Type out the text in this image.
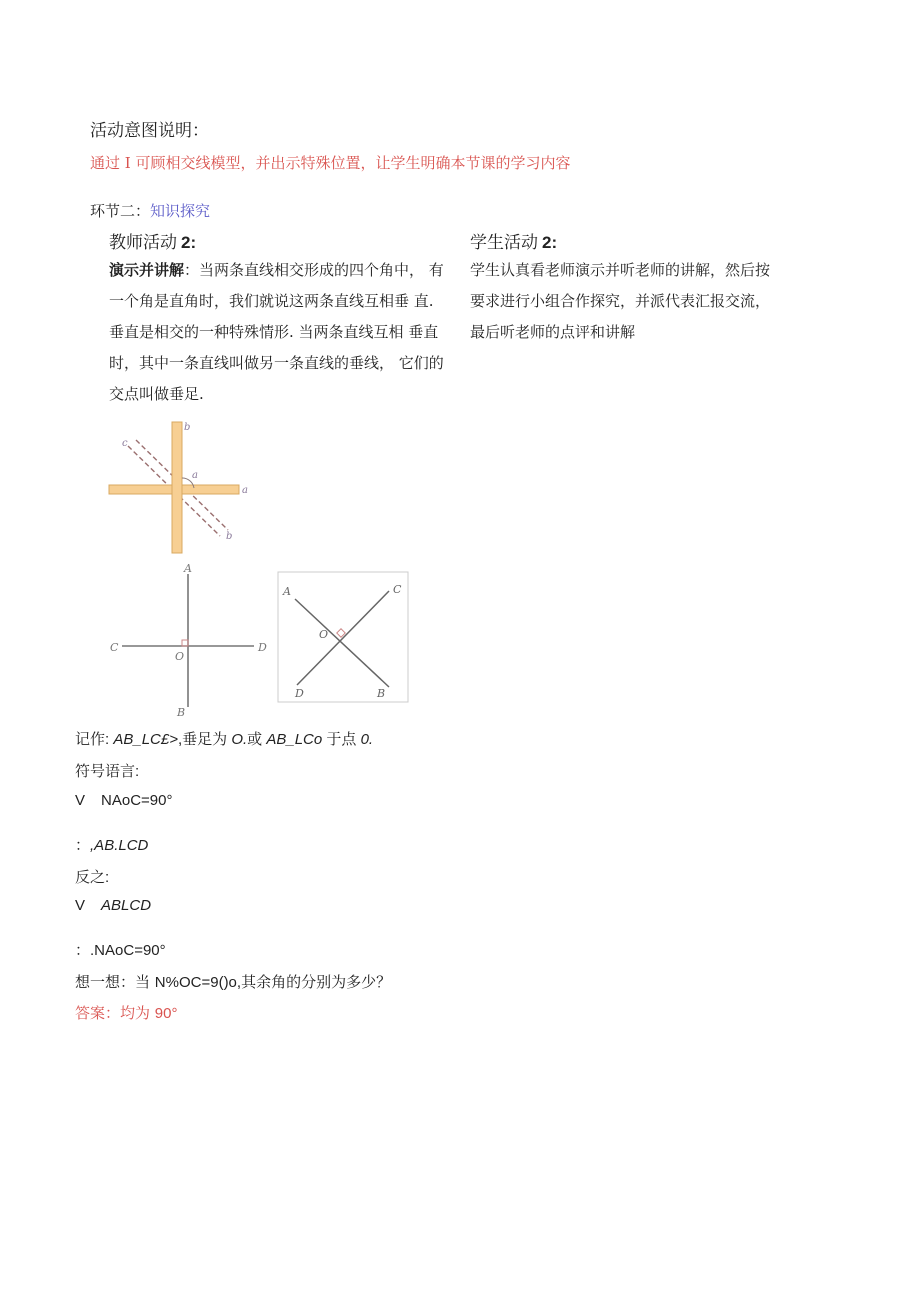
活动意图说明：
通过 I 可顾相交线模型，并出示特殊位置，让学生明确本节课的学习内容
环节二：知识探究
教师活动 2:
演示并讲解：当两条直线相交形成的四个角中， 有
一个角是直角时，我们就说这两条直线互相垂 直.
垂直是相交的一种特殊情形. 当两条直线互相 垂直
时，其中一条直线叫做另一条直线的垂线， 它们的
交点叫做垂足.
学生活动 2:
学生认真看老师演示并听老师的讲解，然后按
要求进行小组合作探究，并派代表汇报交流，
最后听老师的点评和讲解
b
a
a
c
b
A
B
C	D
O
A	C
O
D	B
记作: AB_LC£>,垂足为 O.或 AB_LCo 于点 0.
符号语言:
V NAoC=90°
：,AB.LCD
反之:
V ABLCD
：.NAoC=90°
想一想：当 N%OC=9()o,其余角的分别为多少？
答案：均为 90°
